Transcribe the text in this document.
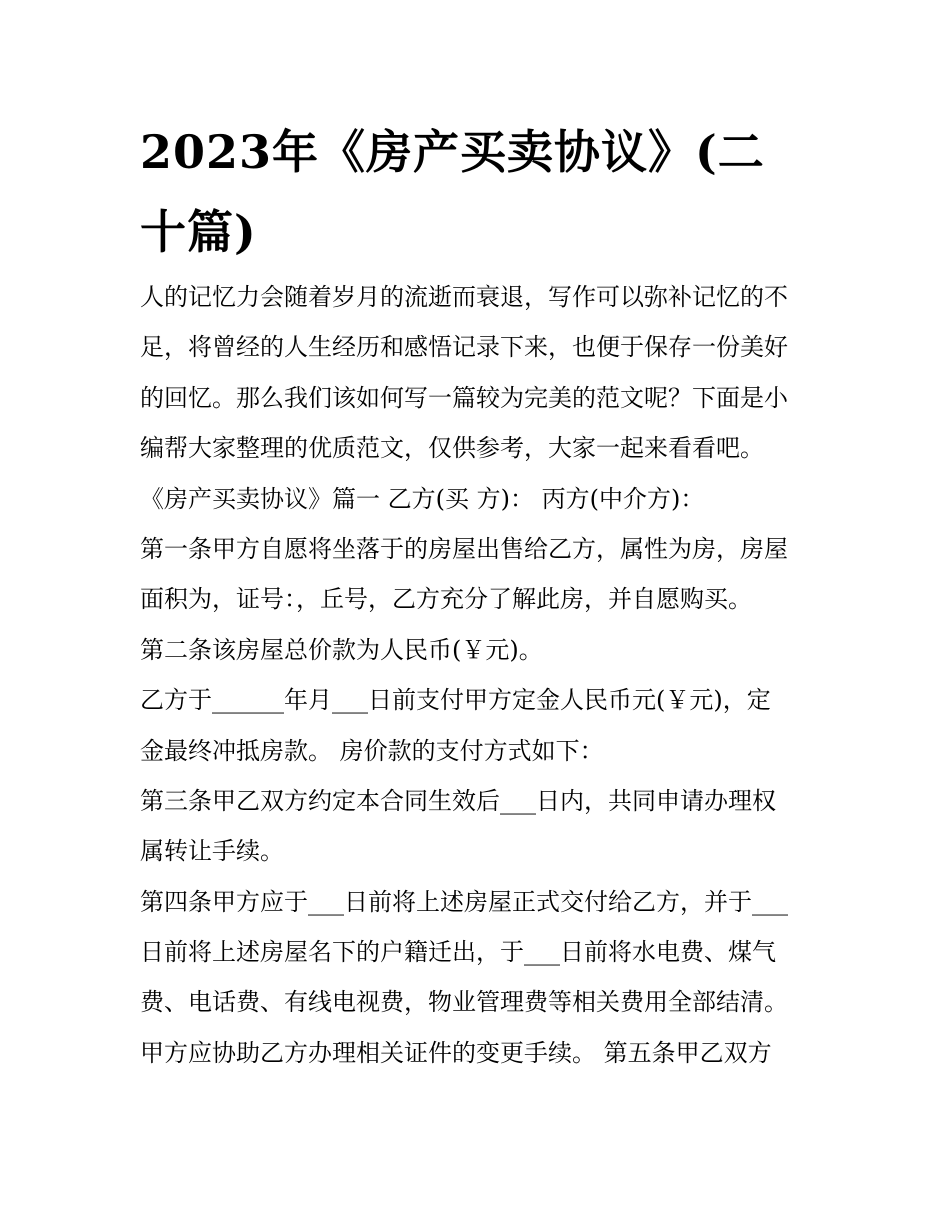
2023年《房产买卖协议》(二
十篇)
人的记忆力会随着岁月的流逝而衰退，写作可以弥补记忆的不
足，将曾经的人生经历和感悟记录下来，也便于保存一份美好
的回忆。那么我们该如何写一篇较为完美的范文呢？下面是小
编帮大家整理的优质范文，仅供参考，大家一起来看看吧。
《房产买卖协议》篇一 乙方(买 方)： 丙方(中介方)：
第一条甲方自愿将坐落于的房屋出售给乙方，属性为房，房屋
面积为，证号：，丘号，乙方充分了解此房，并自愿购买。
第二条该房屋总价款为人民币(￥元)。
乙方于______年月___日前支付甲方定金人民币元(￥元)，定
金最终冲抵房款。 房价款的支付方式如下：
第三条甲乙双方约定本合同生效后___日内，共同申请办理权
属转让手续。
第四条甲方应于___日前将上述房屋正式交付给乙方，并于___
日前将上述房屋名下的户籍迁出，于___日前将水电费、煤气
费、电话费、有线电视费，物业管理费等相关费用全部结清。
甲方应协助乙方办理相关证件的变更手续。 第五条甲乙双方
